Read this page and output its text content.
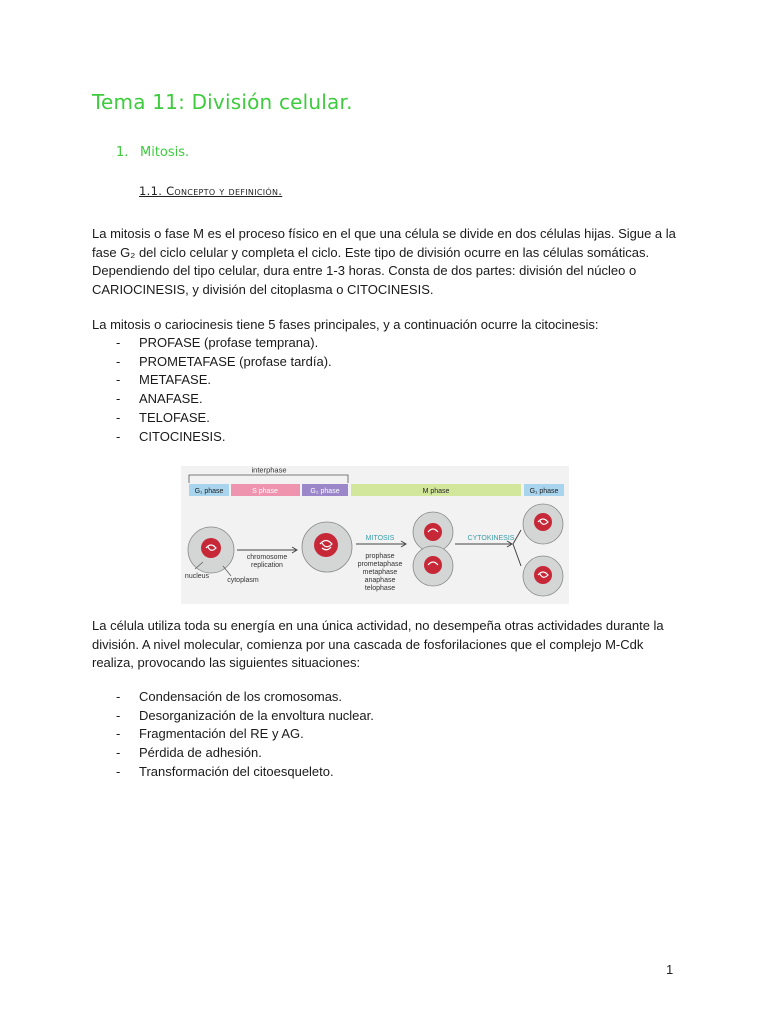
Tema 11: División celular.
1. Mitosis.
1.1. Concepto y definición.

La mitosis o fase M es el proceso físico en el que una célula se divide en dos células hijas. Sigue a la
fase G₂ del ciclo celular y completa el ciclo. Este tipo de división ocurre en las células somáticas.
Dependiendo del tipo celular, dura entre 1-3 horas. Consta de dos partes: división del núcleo o
CARIOCINESIS, y división del citoplasma o CITOCINESIS.

La mitosis o cariocinesis tiene 5 fases principales, y a continuación ocurre la citocinesis:

- PROFASE (profase temprana).
- PROMETAFASE (profase tardía).
- METAFASE.
- ANAFASE.
- TELOFASE.
- CITOCINESIS.
interphase
G₁ phase	S phase	G₂ phase	M phase	G₁ phase
chromosome
replication
nucleus
cytoplasm
MITOSIS	CYTOKINESIS
prophase
prometaphase
metaphase
anaphase
telophase

La célula utiliza toda su energía en una única actividad, no desempeña otras actividades durante la
división. A nivel molecular, comienza por una cascada de fosforilaciones que el complejo M-Cdk
realiza, provocando las siguientes situaciones:

- Condensación de los cromosomas.
- Desorganización de la envoltura nuclear.
- Fragmentación del RE y AG.
- Pérdida de adhesión.
- Transformación del citoesqueleto.
1
